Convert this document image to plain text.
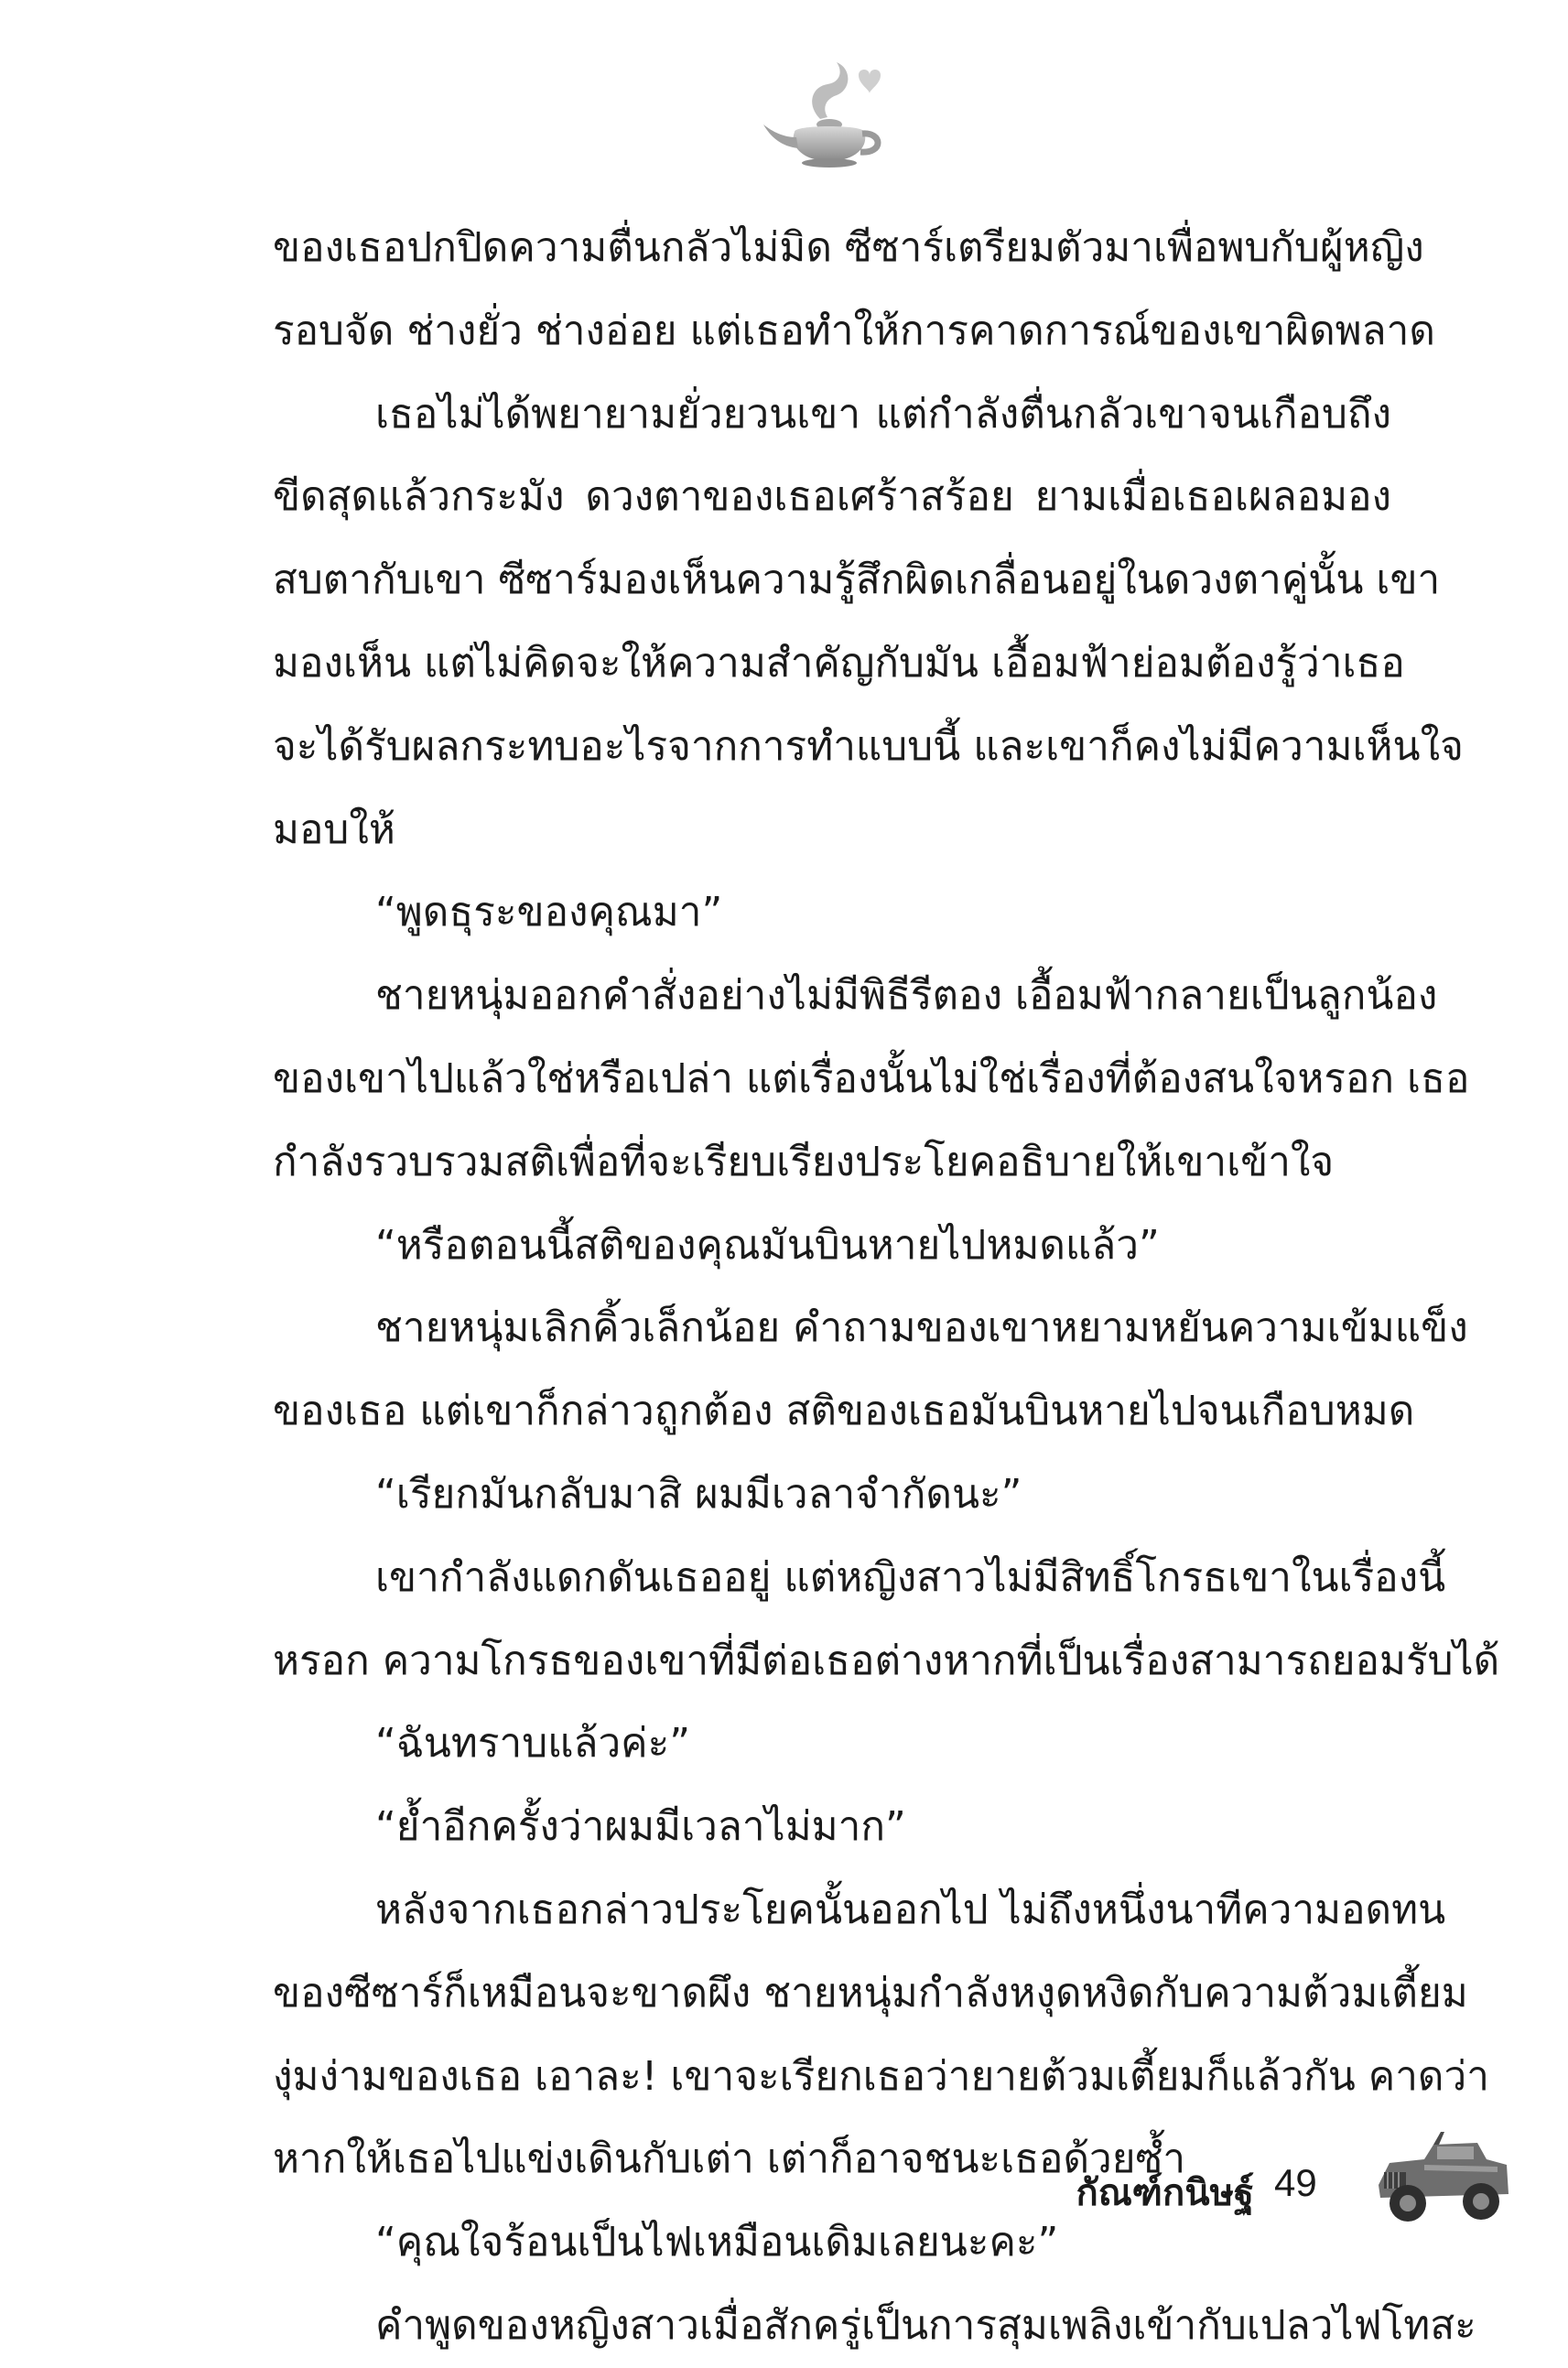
ของเธอปกปิดความตื่นกลัวไม่มิด ซีซาร์เตรียมตัวมาเพื่อพบกับผู้หญิง
รอบจัด ช่างยั่ว ช่างอ่อย แต่เธอทำให้การคาดการณ์ของเขาผิดพลาด
เธอไม่ได้พยายามยั่วยวนเขา แต่กำลังตื่นกลัวเขาจนเกือบถึง
ขีดสุดแล้วกระมัง ดวงตาของเธอเศร้าสร้อย ยามเมื่อเธอเผลอมอง
สบตากับเขา ซีซาร์มองเห็นความรู้สึกผิดเกลื่อนอยู่ในดวงตาคู่นั้น เขา
มองเห็น แต่ไม่คิดจะให้ความสำคัญกับมัน เอื้อมฟ้าย่อมต้องรู้ว่าเธอ
จะได้รับผลกระทบอะไรจากการทำแบบนี้ และเขาก็คงไม่มีความเห็นใจ
มอบให้
“พูดธุระของคุณมา”
ชายหนุ่มออกคำสั่งอย่างไม่มีพิธีรีตอง เอื้อมฟ้ากลายเป็นลูกน้อง
ของเขาไปแล้วใช่หรือเปล่า แต่เรื่องนั้นไม่ใช่เรื่องที่ต้องสนใจหรอก เธอ
กำลังรวบรวมสติเพื่อที่จะเรียบเรียงประโยคอธิบายให้เขาเข้าใจ
“หรือตอนนี้สติของคุณมันบินหายไปหมดแล้ว”
ชายหนุ่มเลิกคิ้วเล็กน้อย คำถามของเขาหยามหยันความเข้มแข็ง
ของเธอ แต่เขาก็กล่าวถูกต้อง สติของเธอมันบินหายไปจนเกือบหมด
“เรียกมันกลับมาสิ ผมมีเวลาจำกัดนะ”
เขากำลังแดกดันเธออยู่ แต่หญิงสาวไม่มีสิทธิ์โกรธเขาในเรื่องนี้
หรอก ความโกรธของเขาที่มีต่อเธอต่างหากที่เป็นเรื่องสามารถยอมรับได้
“ฉันทราบแล้วค่ะ”
“ย้ำอีกครั้งว่าผมมีเวลาไม่มาก”
หลังจากเธอกล่าวประโยคนั้นออกไป ไม่ถึงหนึ่งนาทีความอดทน
ของซีซาร์ก็เหมือนจะขาดผึง ชายหนุ่มกำลังหงุดหงิดกับความต้วมเตี้ยม
งุ่มง่ามของเธอ เอาละ! เขาจะเรียกเธอว่ายายต้วมเตี้ยมก็แล้วกัน คาดว่า
หากให้เธอไปแข่งเดินกับเต่า เต่าก็อาจชนะเธอด้วยซ้ำ
“คุณใจร้อนเป็นไฟเหมือนเดิมเลยนะคะ”
คำพูดของหญิงสาวเมื่อสักครู่เป็นการสุมเพลิงเข้ากับเปลวไฟโทสะ
กัณฑ์กนิษฐ์ 49
